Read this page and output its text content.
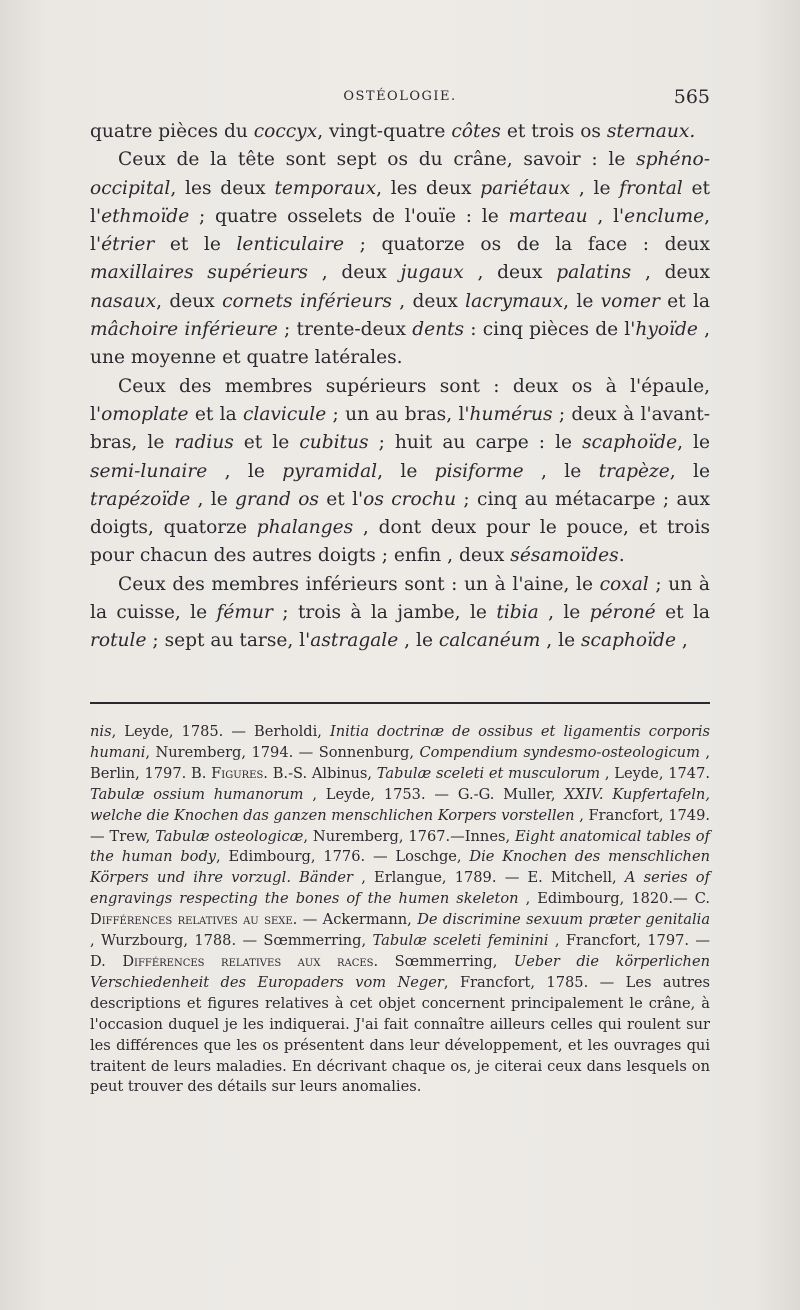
OSTÉOLOGIE.	565

quatre pièces du coccyx, vingt-quatre côtes et trois os sternaux.

Ceux de la tête sont sept os du crâne, savoir : le sphéno-occipital, les deux temporaux, les deux pariétaux , le frontal et l'ethmoïde ; quatre osselets de l'ouïe : le marteau , l'enclume, l'étrier et le lenticulaire ; quatorze os de la face : deux maxillaires supérieurs , deux jugaux , deux palatins , deux nasaux, deux cornets inférieurs , deux lacrymaux, le vomer et la mâchoire inférieure ; trente-deux dents : cinq pièces de l'hyoïde , une moyenne et quatre latérales.

Ceux des membres supérieurs sont : deux os à l'épaule, l'omoplate et la clavicule ; un au bras, l'humérus ; deux à l'avant-bras, le radius et le cubitus ; huit au carpe : le scaphoïde, le semi-lunaire , le pyramidal, le pisiforme , le trapèze, le trapézoïde , le grand os et l'os crochu ; cinq au métacarpe ; aux doigts, quatorze phalanges , dont deux pour le pouce, et trois pour chacun des autres doigts ; enfin , deux sésamoïdes.

Ceux des membres inférieurs sont : un à l'aine, le coxal ; un à la cuisse, le fémur ; trois à la jambe, le tibia , le péroné et la rotule ; sept au tarse, l'astragale , le calcanéum , le scaphoïde ,

nis, Leyde, 1785. — Berholdi, Initia doctrinæ de ossibus et ligamentis corporis humani, Nuremberg, 1794. — Sonnenburg, Compendium syndesmo-osteologicum , Berlin, 1797. B. Figures. B.-S. Albinus, Tabulæ sceleti et musculorum , Leyde, 1747. Tabulæ ossium humanorum , Leyde, 1753. — G.-G. Muller, XXIV. Kupfertafeln, welche die Knochen das ganzen menschlichen Korpers vorstellen , Francfort, 1749. — Trew, Tabulæ osteologicæ, Nuremberg, 1767.—Innes, Eight anatomical tables of the human body, Edimbourg, 1776. — Loschge, Die Knochen des menschlichen Körpers und ihre vorzugl. Bänder , Erlangue, 1789. — E. Mitchell, A series of engravings respecting the bones of the humen skeleton , Edimbourg, 1820.— C. Différences relatives au sexe. — Ackermann, De discrimine sexuum præter genitalia , Wurzbourg, 1788. — Sœmmerring, Tabulæ sceleti feminini , Francfort, 1797. — D. Différences relatives aux races. Sœmmerring, Ueber die körperlichen Verschiedenheit des Europaders vom Neger, Francfort, 1785. — Les autres descriptions et figures relatives à cet objet concernent principalement le crâne, à l'occasion duquel je les indiquerai. J'ai fait connaître ailleurs celles qui roulent sur les différences que les os présentent dans leur développement, et les ouvrages qui traitent de leurs maladies. En décrivant chaque os, je citerai ceux dans lesquels on peut trouver des détails sur leurs anomalies.
